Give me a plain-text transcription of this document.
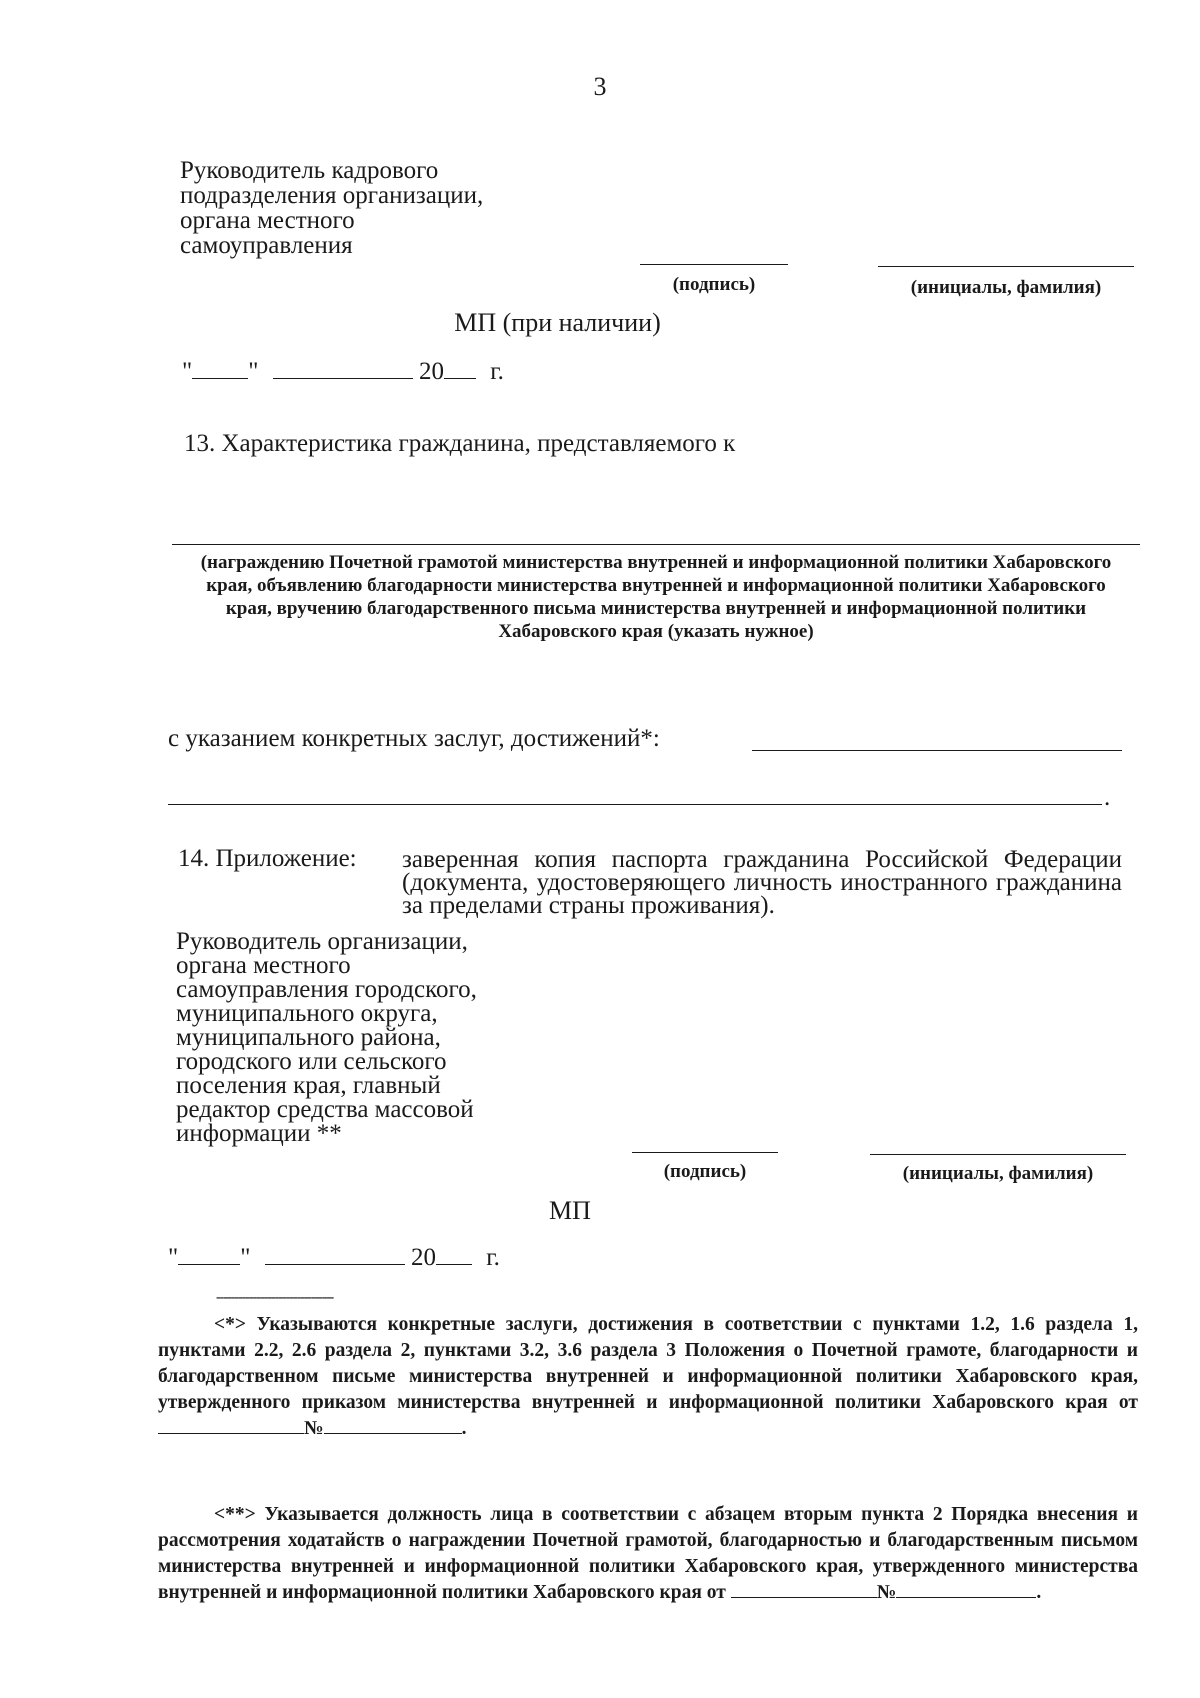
3
Руководитель кадрового
подразделения организации,
органа местного
самоуправления
(подпись)	(инициалы, фамилия)
МП (при наличии)
" "	20 г.
13. Характеристика гражданина, представляемого к
(награждению Почетной грамотой министерства внутренней и информационной политики Хабаровского края, объявлению благодарности министерства внутренней и информационной политики Хабаровского края, вручению благодарственного письма министерства внутренней и информационной политики Хабаровского края (указать нужное)
с указанием конкретных заслуг, достижений*:
.
14. Приложение: заверенная копия паспорта гражданина Российской Федерации (документа, удостоверяющего личность иностранного гражданина за пределами страны проживания).
Руководитель организации,
органа местного
самоуправления городского,
муниципального округа,
муниципального района,
городского или сельского
поселения края, главный
редактор средства массовой
информации **
(подпись)	(инициалы, фамилия)
МП
" "	20 г.
--------------------------------
<*> Указываются конкретные заслуги, достижения в соответствии с пунктами 1.2, 1.6 раздела 1, пунктами 2.2, 2.6 раздела 2, пунктами 3.2, 3.6 раздела 3 Положения о Почетной грамоте, благодарности и благодарственном письме министерства внутренней и информационной политики Хабаровского края, утвержденного приказом министерства внутренней и информационной политики Хабаровского края от №	.
<**> Указывается должность лица в соответствии с абзацем вторым пункта 2 Порядка внесения и рассмотрения ходатайств о награждении Почетной грамотой, благодарностью и благодарственным письмом министерства внутренней и информационной политики Хабаровского края, утвержденного министерства внутренней и информационной политики Хабаровского края от	№	.
